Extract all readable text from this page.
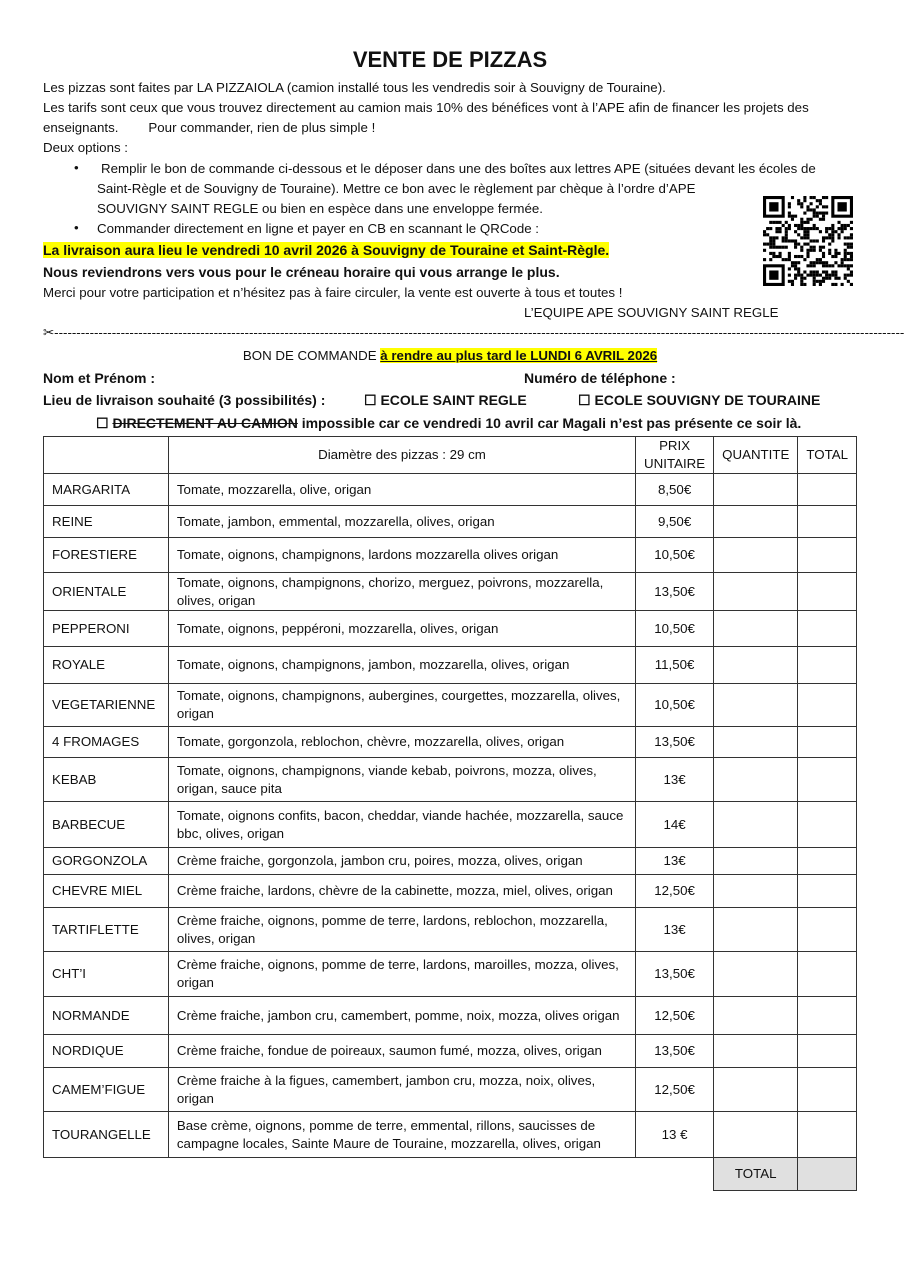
VENTE DE PIZZAS
Les pizzas sont faites par LA PIZZAIOLA (camion installé tous les vendredis soir à Souvigny de Touraine).
Les tarifs sont ceux que vous trouvez directement au camion mais 10% des bénéfices vont à l’APE afin de financer les projets des
enseignants. Pour commander, rien de plus simple !
Deux options :
• Remplir le bon de commande ci-dessous et le déposer dans une des boîtes aux lettres APE (situées devant les écoles de
Saint-Règle et de Souvigny de Touraine). Mettre ce bon avec le règlement par chèque à l’ordre d’APE
SOUVIGNY SAINT REGLE ou bien en espèce dans une enveloppe fermée.
• Commander directement en ligne et payer en CB en scannant le QRCode :
La livraison aura lieu le vendredi 10 avril 2026 à Souvigny de Touraine et Saint-Règle.
Nous reviendrons vers vous pour le créneau horaire qui vous arrange le plus.
Merci pour votre participation et n’hésitez pas à faire circuler, la vente est ouverte à tous et toutes !
L’EQUIPE APE SOUVIGNY SAINT REGLE
✂------------------------------------------------------------------------------------------------------------------------------------------------------------------------------------------------
BON DE COMMANDE à rendre au plus tard le LUNDI 6 AVRIL 2026
Nom et Prénom :	Numéro de téléphone :
Lieu de livraison souhaité (3 possibilités) :	☐ ECOLE SAINT REGLE	☐ ECOLE SOUVIGNY DE TOURAINE
☐ DIRECTEMENT AU CAMION impossible car ce vendredi 10 avril car Magali n’est pas présente ce soir là.
	Diamètre des pizzas : 29 cm	PRIX UNITAIRE	QUANTITE	TOTAL
MARGARITA	Tomate, mozzarella, olive, origan	8,50€		
REINE	Tomate, jambon, emmental, mozzarella, olives, origan	9,50€		
FORESTIERE	Tomate, oignons, champignons, lardons mozzarella olives origan	10,50€		
ORIENTALE	Tomate, oignons, champignons, chorizo, merguez, poivrons, mozzarella, olives, origan	13,50€		
PEPPERONI	Tomate, oignons, peppéroni, mozzarella, olives, origan	10,50€		
ROYALE	Tomate, oignons, champignons, jambon, mozzarella, olives, origan	11,50€		
VEGETARIENNE	Tomate, oignons, champignons, aubergines, courgettes, mozzarella, olives, origan	10,50€		
4 FROMAGES	Tomate, gorgonzola, reblochon, chèvre, mozzarella, olives, origan	13,50€		
KEBAB	Tomate, oignons, champignons, viande kebab, poivrons, mozza, olives, origan, sauce pita	13€		
BARBECUE	Tomate, oignons confits, bacon, cheddar, viande hachée, mozzarella, sauce bbc, olives, origan	14€		
GORGONZOLA	Crème fraiche, gorgonzola, jambon cru, poires, mozza, olives, origan	13€		
CHEVRE MIEL	Crème fraiche, lardons, chèvre de la cabinette, mozza, miel, olives, origan	12,50€		
TARTIFLETTE	Crème fraiche, oignons, pomme de terre, lardons, reblochon, mozzarella, olives, origan	13€		
CHT’I	Crème fraiche, oignons, pomme de terre, lardons, maroilles, mozza, olives, origan	13,50€		
NORMANDE	Crème fraiche, jambon cru, camembert, pomme, noix, mozza, olives origan	12,50€		
NORDIQUE	Crème fraiche, fondue de poireaux, saumon fumé, mozza, olives, origan	13,50€		
CAMEM’FIGUE	Crème fraiche à la figues, camembert, jambon cru, mozza, noix, olives, origan	12,50€		
TOURANGELLE	Base crème, oignons, pomme de terre, emmental, rillons, saucisses de campagne locales, Sainte Maure de Touraine, mozzarella, olives, origan	13 €		
			TOTAL	
